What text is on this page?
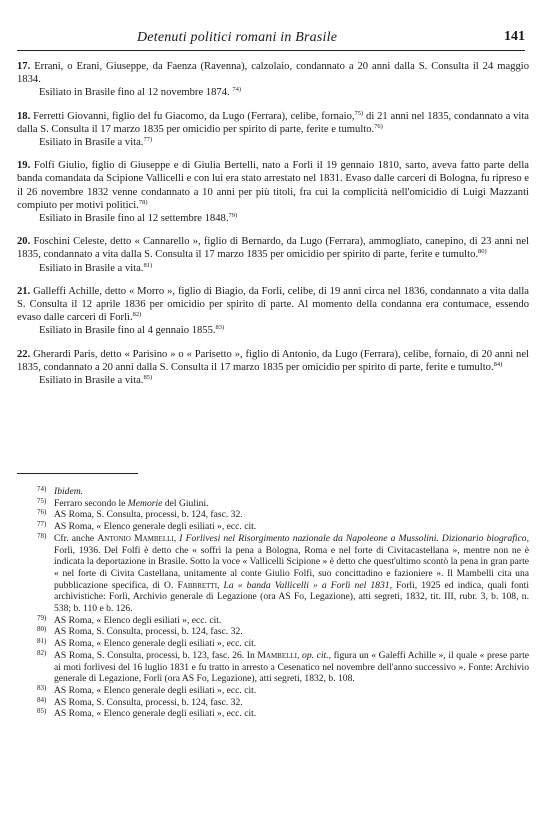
Detenuti politici romani in Brasile	141
17. Errani, o Erani, Giuseppe, da Faenza (Ravenna), calzolaio, condannato a 20 anni dalla S. Consulta il 24 maggio 1834.
Esiliato in Brasile fino al 12 novembre 1874. $^{74)}$
18. Ferretti Giovanni, figlio del fu Giacomo, da Lugo (Ferrara), celibe, fornaio,$^{75)}$ di 21 anni nel 1835, condannato a vita dalla S. Consulta il 17 marzo 1835 per omicidio per spirito di parte, ferite e tumulto.$^{76)}$
Esiliato in Brasile a vita.$^{77)}$
19. Folfi Giulio, figlio di Giuseppe e di Giulia Bertelli, nato a Forlì il 19 gennaio 1810, sarto, aveva fatto parte della banda comandata da Scipione Vallicelli e con lui era stato arrestato nel 1831. Evaso dalle carceri di Bologna, fu ripreso e il 26 novembre 1832 venne condannato a 10 anni per più titoli, fra cui la complicità nell'omicidio di Luigi Mazzanti compiuto per motivi politici.$^{78)}$
Esiliato in Brasile fino al 12 settembre 1848.$^{79)}$
20. Foschini Celeste, detto « Cannarello », figlio di Bernardo, da Lugo (Ferrara), ammogliato, canepino, di 23 anni nel 1835, condannato a vita dalla S. Consulta il 17 marzo 1835 per omicidio per spirito di parte, ferite e tumulto.$^{80)}$
Esiliato in Brasile a vita.$^{81)}$
21. Galleffi Achille, detto « Morro », figlio di Biagio, da Forlì, celibe, di 19 anni circa nel 1836, condannato a vita dalla S. Consulta il 12 aprile 1836 per omicidio per spirito di parte. Al momento della condanna era contumace, essendo evaso dalle carceri di Forlì.$^{82)}$
Esiliato in Brasile fino al 4 gennaio 1855.$^{83)}$
22. Gherardi Paris, detto « Parisino » o « Parisetto », figlio di Antonio, da Lugo (Ferrara), celibe, fornaio, di 20 anni nel 1835, condannato a 20 anni dalla S. Consulta il 17 marzo 1835 per omicidio per spirito di parte, ferite e tumulto.$^{84)}$
Esiliato in Brasile a vita.$^{85)}$
74) Ibidem.
75) Ferraro secondo le Memorie del Giulini.
76) AS Roma, S. Consulta, processi, b. 124, fasc. 32.
77) AS Roma, « Elenco generale degli esiliati », ecc. cit.
78) Cfr. anche Antonio Mambelli, I Forlivesi nel Risorgimento nazionale da Napoleone a Mussolini. Dizionario biografico, Forlì, 1936. Del Folfi è detto che « soffrì la pena a Bologna, Roma e nel forte di Civitacastellana », mentre non ne è indicata la deportazione in Brasile. Sotto la voce « Vallicelli Scipione » è detto che quest'ultimo scontò la pena in gran parte « nel forte di Civita Castellana, unitamente al conte Giulio Folfi, suo concittadino e fazioniere ». Il Mambelli cita una pubblicazione specifica, di O. Fabbretti, La « banda Vallicelli » a Forlì nel 1831, Forlì, 1925 ed indica, quali fonti archivistiche: Forlì, Archivio generale di Legazione (ora AS Fo, Legazione), atti segreti, 1832, tit. III, rubr. 3, b. 108, n. 538; b. 110 e b. 126.
79) AS Roma, « Elenco degli esiliati », ecc. cit.
80) AS Roma, S. Consulta, processi, b. 124, fasc. 32.
81) AS Roma, « Elenco generale degli esiliati », ecc. cit.
82) AS Roma, S. Consulta, processi, b. 123, fasc. 26. In Mambelli, op. cit., figura un « Galeffi Achille », il quale « prese parte ai moti forlivesi del 16 luglio 1831 e fu tratto in arresto a Cesenatico nel novembre dell'anno successivo ». Fonte: Archivio generale di Legazione, Forlì (ora AS Fo, Legazione), atti segreti, 1832, b. 108.
83) AS Roma, « Elenco generale degli esiliati », ecc. cit.
84) AS Roma, S. Consulta, processi, b. 124, fasc. 32.
85) AS Roma, « Elenco generale degli esiliati », ecc. cit.
